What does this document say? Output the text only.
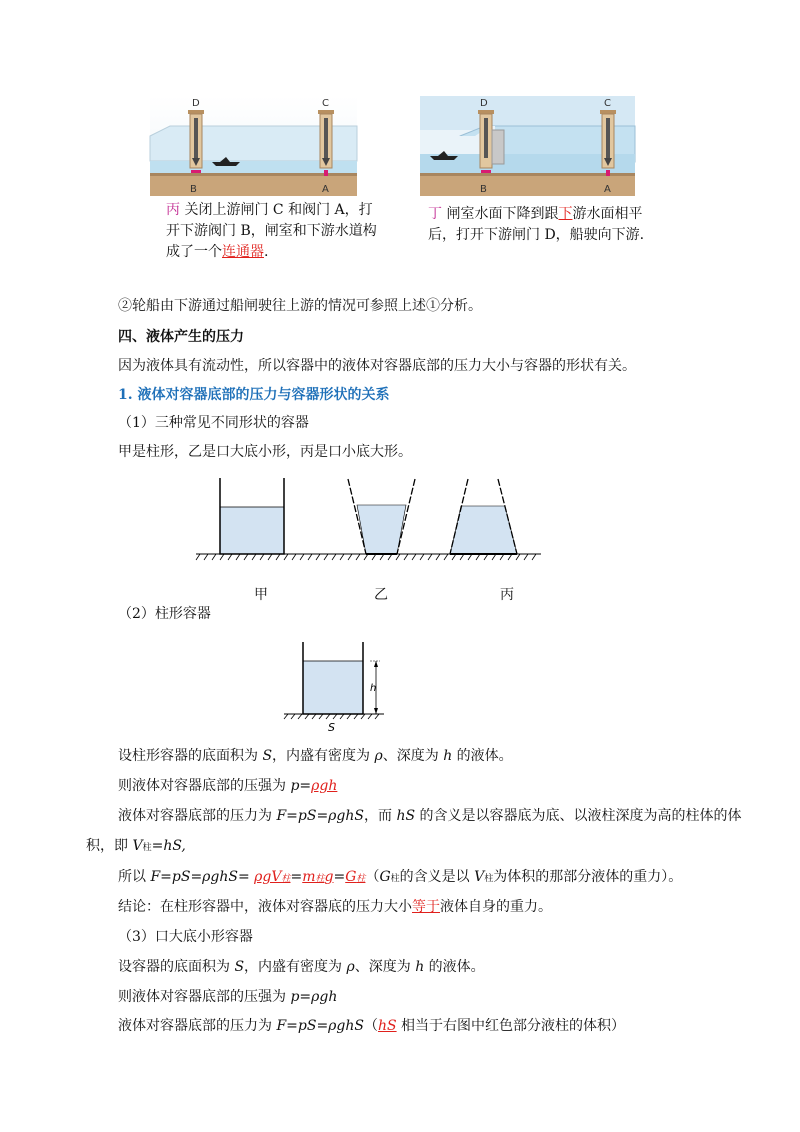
D	C
B	A
丙 关闭上游闸门 C 和阀门 A，打
开下游阀门 B，闸室和下游水道构
成了一个连通器.
D	C
B	A
丁 闸室水面下降到跟下游水面相平
后，打开下游闸门 D，船驶向下游.
②轮船由下游通过船闸驶往上游的情况可参照上述①分析。
四、液体产生的压力
因为液体具有流动性，所以容器中的液体对容器底部的压力大小与容器的形状有关。
1. 液体对容器底部的压力与容器形状的关系
（1）三种常见不同形状的容器
甲是柱形，乙是口大底小形，丙是口小底大形。
甲	乙	丙
（2）柱形容器
h
S
设柱形容器的底面积为 S，内盛有密度为 ρ、深度为 h 的液体。
则液体对容器底部的压强为 p=ρgh
液体对容器底部的压力为 F=pS=ρghS，而 hS 的含义是以容器底为底、以液柱深度为高的柱体的体
积，即 V柱=hS,
所以 F=pS=ρghS= ρgV柱=m柱g=G柱（G柱的含义是以 V柱为体积的那部分液体的重力）。
结论：在柱形容器中，液体对容器底的压力大小等于液体自身的重力。
（3）口大底小形容器
设容器的底面积为 S，内盛有密度为 ρ、深度为 h 的液体。
则液体对容器底部的压强为 p=ρgh
液体对容器底部的压力为 F=pS=ρghS（hS 相当于右图中红色部分液柱的体积）
